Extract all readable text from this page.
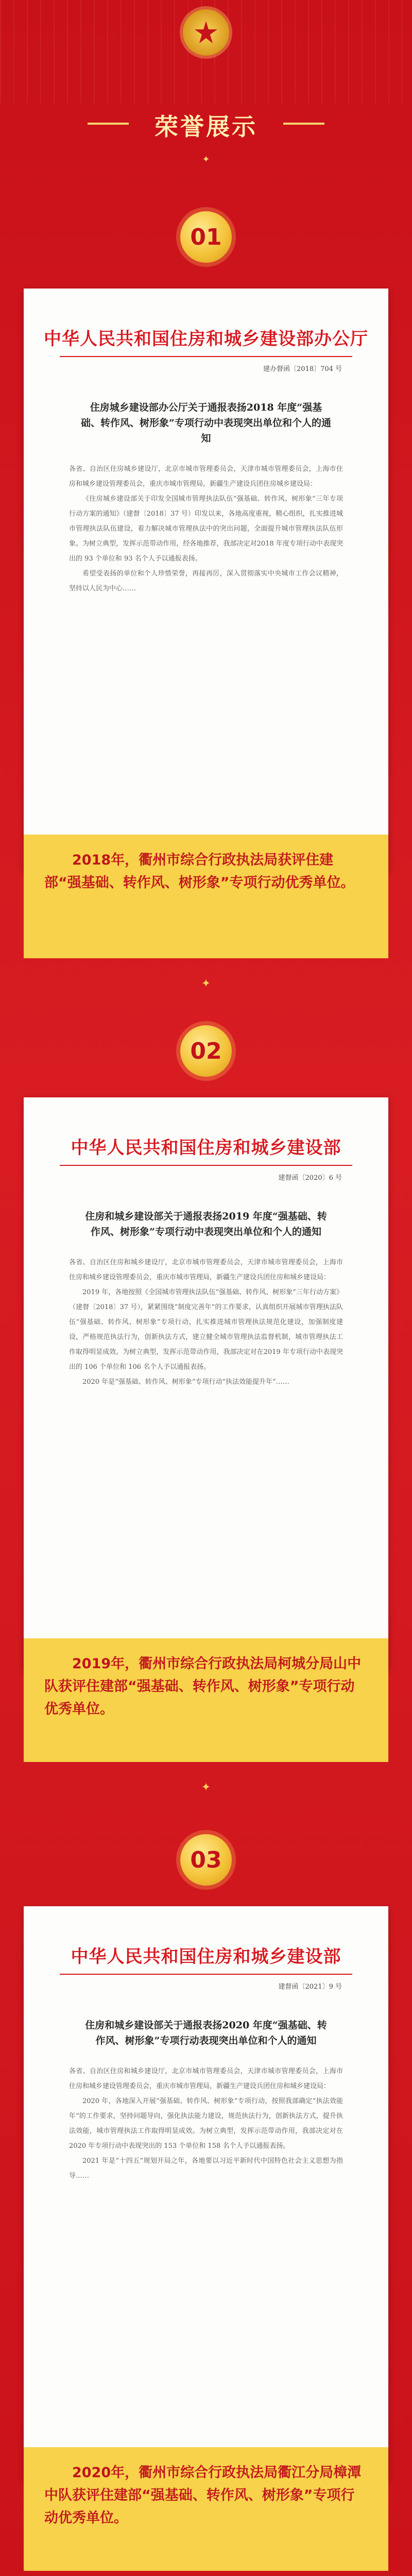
荣誉展示
✦
01
中华人民共和国住房和城乡建设部办公厅
建办督函〔2018〕704 号
住房城乡建设部办公厅关于通报表扬2018 年度“强基础、转作风、树形象”专项行动中表现突出单位和个人的通知

各省、自治区住房城乡建设厅，北京市城市管理委员会，天津市城市管理委员会，上海市住房和城乡建设管理委员会，重庆市城市管理局，新疆生产建设兵团住房城乡建设局：

《住房城乡建设部关于印发全国城市管理执法队伍“强基础、转作风、树形象”三年专项行动方案的通知》（建督〔2018〕37 号）印发以来，各地高度重视，精心组织，扎实推进城市管理执法队伍建设，着力解决城市管理执法中的突出问题，全面提升城市管理执法队伍形象。为树立典型，发挥示范带动作用，经各地推荐，我部决定对2018 年度专项行动中表现突出的 93 个单位和 93 名个人予以通报表扬。

希望受表扬的单位和个人珍惜荣誉，再接再厉，深入贯彻落实中央城市工作会议精神，坚持以人民为中心……

2018年，衢州市综合行政执法局获评住建部“强基础、转作风、树形象”专项行动优秀单位。
✦
02
中华人民共和国住房和城乡建设部
建督函〔2020〕6 号
住房和城乡建设部关于通报表扬2019 年度“强基础、转作风、树形象”专项行动中表现突出单位和个人的通知

各省、自治区住房和城乡建设厅，北京市城市管理委员会，天津市城市管理委员会，上海市住房和城乡建设管理委员会，重庆市城市管理局，新疆生产建设兵团住房和城乡建设局：

2019 年，各地按照《全国城市管理执法队伍“强基础、转作风、树形象”三年行动方案》（建督〔2018〕37 号），紧紧围绕“制度完善年”的工作要求，认真组织开展城市管理执法队伍“强基础、转作风、树形象”专项行动，扎实推进城市管理执法规范化建设，加强制度建设，严格规范执法行为，创新执法方式，建立健全城市管理执法监督机制，城市管理执法工作取得明显成效。为树立典型，发挥示范带动作用，我部决定对在2019 年专项行动中表现突出的 106 个单位和 106 名个人予以通报表扬。

2020 年是“强基础、转作风、树形象”专项行动“执法效能提升年”……

2019年，衢州市综合行政执法局柯城分局山中队获评住建部“强基础、转作风、树形象”专项行动优秀单位。
✦
03
中华人民共和国住房和城乡建设部
建督函〔2021〕9 号
住房和城乡建设部关于通报表扬2020 年度“强基础、转作风、树形象”专项行动表现突出单位和个人的通知

各省、自治区住房和城乡建设厅，北京市城市管理委员会，天津市城市管理委员会，上海市住房和城乡建设管理委员会，重庆市城市管理局，新疆生产建设兵团住房和城乡建设局：

2020 年，各地深入开展“强基础、转作风、树形象”专项行动，按照我部确定“执法效能年”的工作要求，坚持问题导向，强化执法能力建设，规范执法行为，创新执法方式，提升执法效能，城市管理执法工作取得明显成效。为树立典型，发挥示范带动作用，我部决定对在2020 年专项行动中表现突出的 153 个单位和 158 名个人予以通报表扬。

2021 年是“十四五”规划开局之年，各地要以习近平新时代中国特色社会主义思想为指导……

2020年，衢州市综合行政执法局衢江分局樟潭中队获评住建部“强基础、转作风、树形象”专项行动优秀单位。
